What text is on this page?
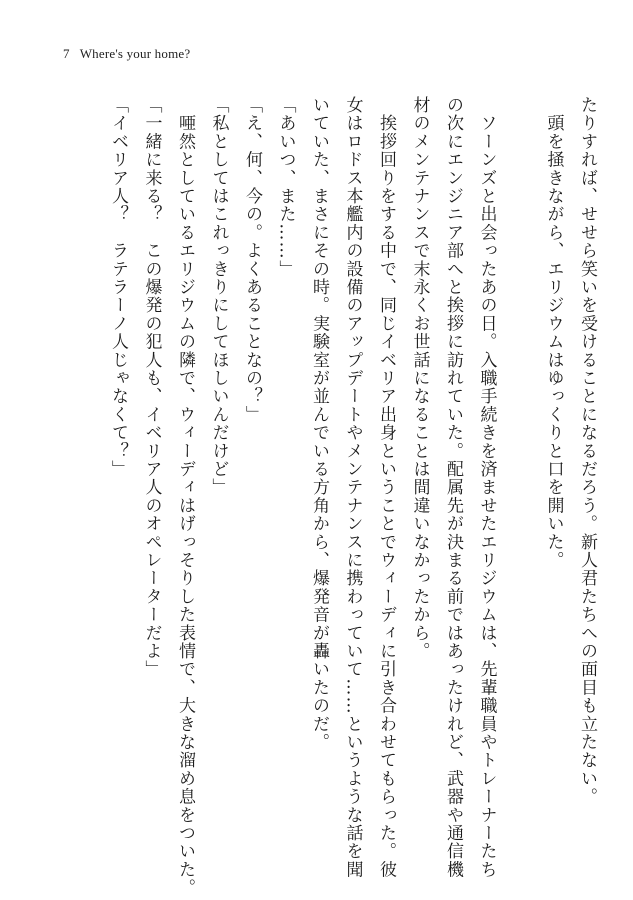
7 Where's your home?
たりすれば、せせら笑いを受けることになるだろう。新人君たちへの面目も立たない。
　頭を掻きながら、エリジウムはゆっくりと口を開いた。
　ソーンズと出会ったあの日。入職手続きを済ませたエリジウムは、先輩職員やトレーナーたち
の次にエンジニア部へと挨拶に訪れていた。配属先が決まる前ではあったけれど、武器や通信機
材のメンテナンスで末永くお世話になることは間違いなかったから。
　挨拶回りをする中で、同じイベリア出身ということでウィーディに引き合わせてもらった。彼
女はロドス本艦内の設備のアップデートやメンテナンスに携わっていて……というような話を聞
いていた、まさにその時。実験室が並んでいる方角から、爆発音が轟いたのだ。
「あいつ、また……」
「え、何、今の。よくあることなの？」
「私としてはこれっきりにしてほしいんだけど」
　唖然としているエリジウムの隣で、ウィーディはげっそりした表情で、大きな溜め息をついた。
「一緒に来る？　この爆発の犯人も、イベリア人のオペレーターだよ」
「イベリア人？　ラテラーノ人じゃなくて？」
